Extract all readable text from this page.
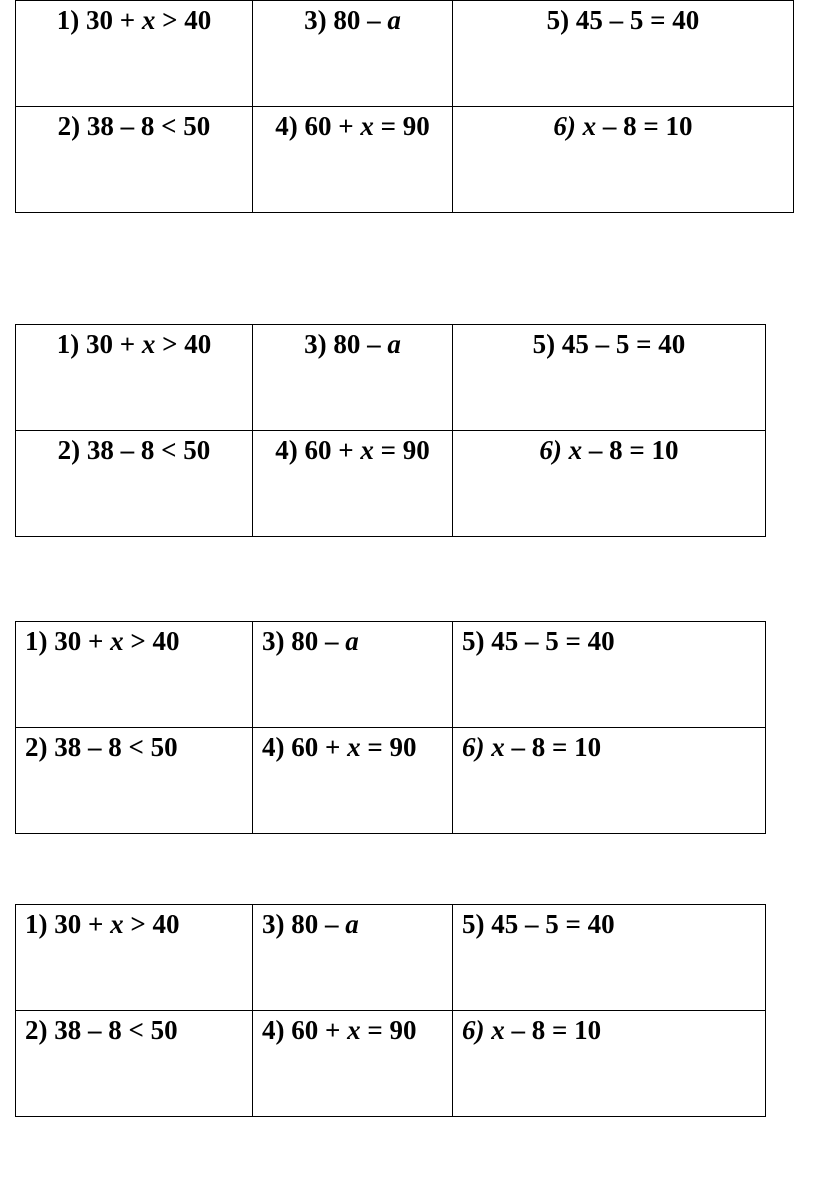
1) 30 + x > 40	3) 80 – a	5) 45 – 5 = 40

2) 38 – 8 < 50	4) 60 + x = 90	6) x – 8 = 10
1) 30 + x > 40	3) 80 – a	5) 45 – 5 = 40

2) 38 – 8 < 50	4) 60 + x = 90	6) x – 8 = 10
1) 30 + x > 40	3) 80 – a	5) 45 – 5 = 40

2) 38 – 8 < 50	4) 60 + x = 90	6) x – 8 = 10
1) 30 + x > 40	3) 80 – a	5) 45 – 5 = 40

2) 38 – 8 < 50	4) 60 + x = 90	6) x – 8 = 10
